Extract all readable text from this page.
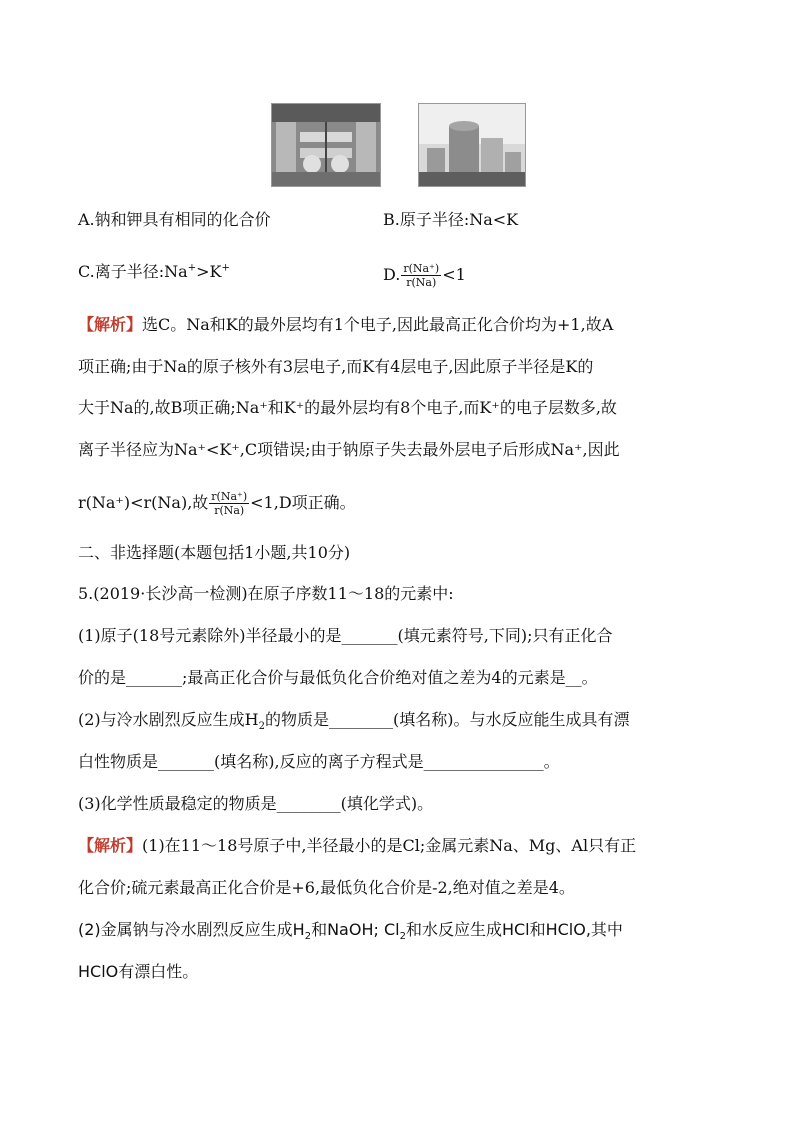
A.钠和钾具有相同的化合价	B.原子半径:Na<K
C.离子半径:Na+>K+	D. $\frac{r(Na^+)}{r(Na)} <1$
【解析】选C。Na和K的最外层均有1个电子,因此最高正化合价均为+1,故A
项正确;由于Na的原子核外有3层电子,而K有4层电子,因此原子半径是K的
大于Na的,故B项正确;Na⁺和K⁺的最外层均有8个电子,而K⁺的电子层数多,故
离子半径应为Na⁺<K⁺,C项错误;由于钠原子失去最外层电子后形成Na⁺,因此
r(Na⁺)<r(Na),故 $\frac{r(Na^+)}{r(Na)} <1,D$项正确。
二、非选择题(本题包括1小题,共10分)
5.(2019·长沙高一检测)在原子序数11～18的元素中:
(1)原子(18号元素除外)半径最小的是_______(填元素符号,下同);只有正化合
价的是_______;最高正化合价与最低负化合价绝对值之差为4的元素是__。
(2)与冷水剧烈反应生成$H_2$的物质是________(填名称)。与水反应能生成具有漂
白性物质是_______(填名称),反应的离子方程式是_______________。
(3)化学性质最稳定的物质是________(填化学式)。
【解析】(1)在11～18号原子中,半径最小的是Cl;金属元素Na、Mg、Al只有正
化合价;硫元素最高正化合价是+6,最低负化合价是-2,绝对值之差是4。
(2)金属钠与冷水剧烈反应生成$H_2$和NaOH; $Cl_2$和水反应生成HCl和HClO,其中
HClO有漂白性。
